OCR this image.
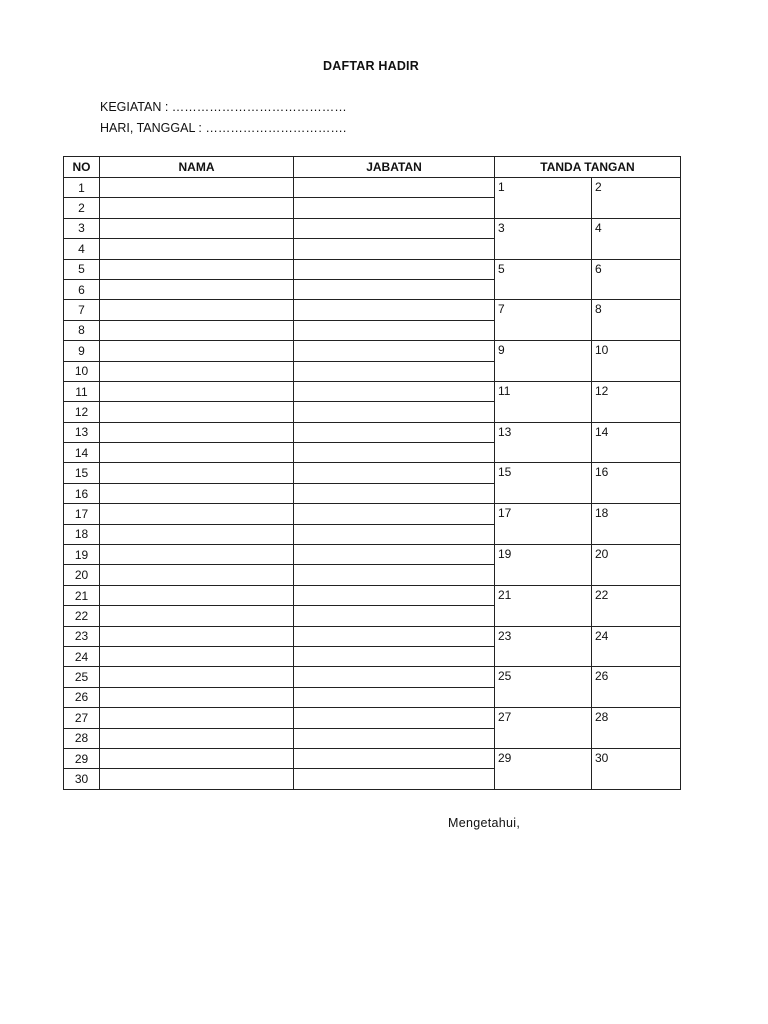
DAFTAR HADIR
KEGIATAN : ……………………………………
HARI, TANGGAL : …………………………….
NO	NAMA	JABATAN	TANDA TANGAN	
1			1	2
2				
3			3	4
4				
5			5	6
6				
7			7	8
8				
9			9	10
10				
11			11	12
12				
13			13	14
14				
15			15	16
16				
17			17	18
18				
19			19	20
20				
21			21	22
22				
23			23	24
24				
25			25	26
26				
27			27	28
28				
29			29	30
30				
Mengetahui,
